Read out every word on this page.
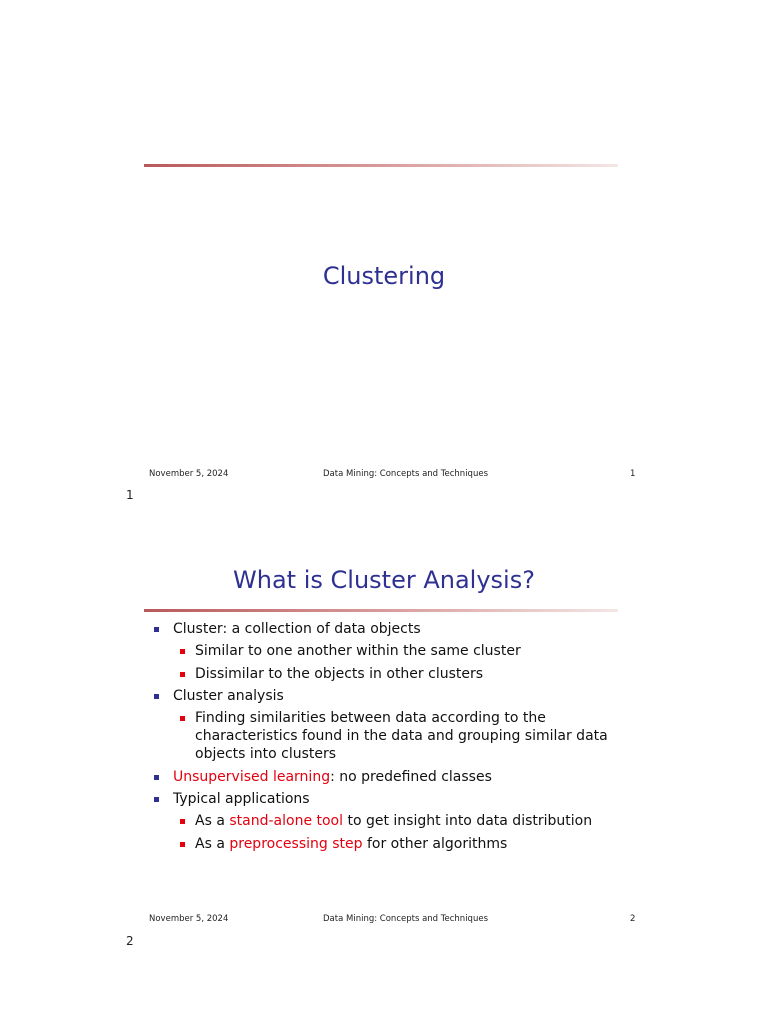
Clustering
November 5, 2024	Data Mining: Concepts and Techniques	1
1
What is Cluster Analysis?
Cluster: a collection of data objects
Similar to one another within the same cluster
Dissimilar to the objects in other clusters
Cluster analysis
Finding similarities between data according to the characteristics found in the data and grouping similar data objects into clusters
Unsupervised learning: no predefined classes
Typical applications
As a stand-alone tool to get insight into data distribution
As a preprocessing step for other algorithms
November 5, 2024	Data Mining: Concepts and Techniques	2
2
